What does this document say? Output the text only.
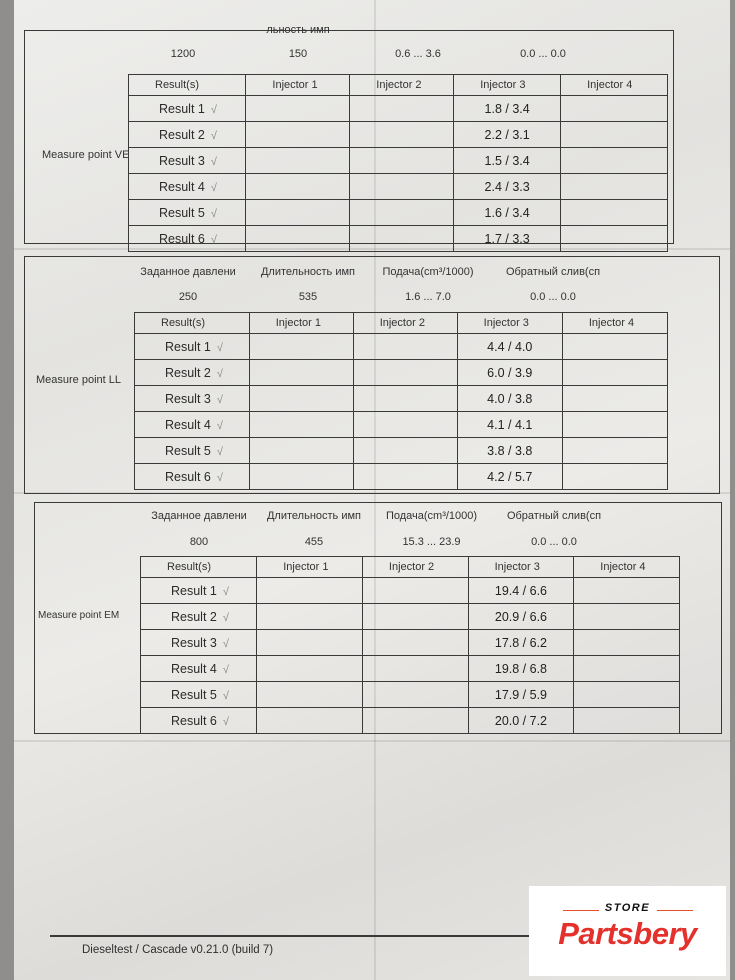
Measure point VE
льность имп
1200	150	0.6 ... 3.6	0.0 ... 0.0
Result(s)	Injector 1	Injector 2	Injector 3	Injector 4
Result 1 √			1.8 / 3.4	
Result 2 √			2.2 / 3.1	
Result 3 √			1.5 / 3.4	
Result 4 √			2.4 / 3.3	
Result 5 √			1.6 / 3.4	
Result 6 √			1.7 / 3.3	
Measure point LL
Заданное давлени	Длительность имп	Подача(cm³/1000)	Обратный слив(cп
250	535	1.6 ... 7.0	0.0 ... 0.0
Result(s)	Injector 1	Injector 2	Injector 3	Injector 4
Result 1 √			4.4 / 4.0	
Result 2 √			6.0 / 3.9	
Result 3 √			4.0 / 3.8	
Result 4 √			4.1 / 4.1	
Result 5 √			3.8 / 3.8	
Result 6 √			4.2 / 5.7	
Measure point EM
Заданное давлени	Длительность имп	Подача(cm³/1000)	Обратный слив(cп
800	455	15.3 ... 23.9	0.0 ... 0.0
Result(s)	Injector 1	Injector 2	Injector 3	Injector 4
Result 1 √			19.4 / 6.6	
Result 2 √			20.9 / 6.6	
Result 3 √			17.8 / 6.2	
Result 4 √			19.8 / 6.8	
Result 5 √			17.9 / 5.9	
Result 6 √			20.0 / 7.2	
Dieseltest / Cascade v0.21.0 (build 7)
STORE
Partsbery
